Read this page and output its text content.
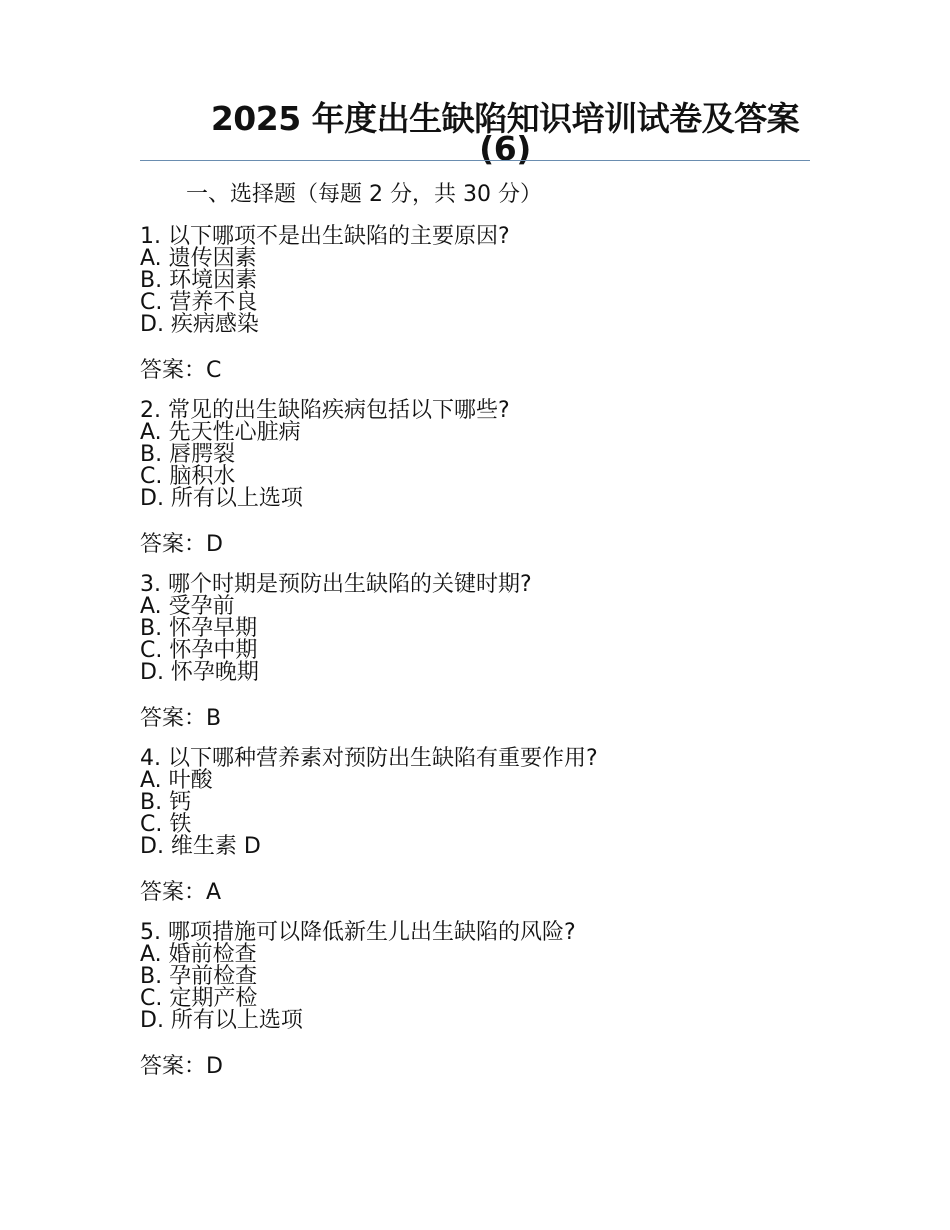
2025 年度出生缺陷知识培训试卷及答案(6)
一、选择题（每题 2 分，共 30 分）
1. 以下哪项不是出生缺陷的主要原因?
A. 遗传因素
B. 环境因素
C. 营养不良
D. 疾病感染
答案：C
2. 常见的出生缺陷疾病包括以下哪些?
A. 先天性心脏病
B. 唇腭裂
C. 脑积水
D. 所有以上选项
答案：D
3. 哪个时期是预防出生缺陷的关键时期?
A. 受孕前
B. 怀孕早期
C. 怀孕中期
D. 怀孕晚期
答案：B
4. 以下哪种营养素对预防出生缺陷有重要作用?
A. 叶酸
B. 钙
C. 铁
D. 维生素 D
答案：A
5. 哪项措施可以降低新生儿出生缺陷的风险?
A. 婚前检查
B. 孕前检查
C. 定期产检
D. 所有以上选项
答案：D
